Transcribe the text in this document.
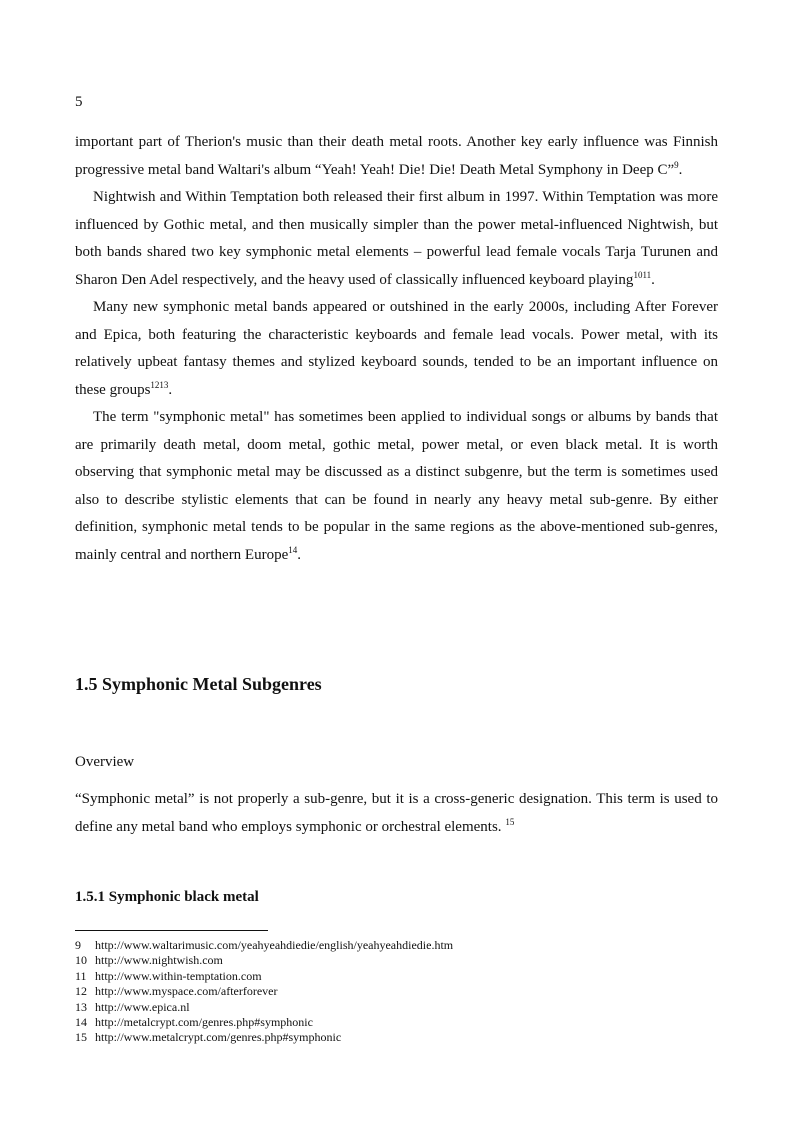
5

important part of Therion's music than their death metal roots. Another key early influence was Finnish progressive metal band Waltari's album “Yeah! Yeah! Die! Die! Death Metal Symphony in Deep C”$^9$.

Nightwish and Within Temptation both released their first album in 1997. Within Temptation was more influenced by Gothic metal, and then musically simpler than the power metal-influenced Nightwish, but both bands shared two key symphonic metal elements – powerful lead female vocals Tarja Turunen and Sharon Den Adel respectively, and the heavy used of classically influenced keyboard playing$^{1011}$.

Many new symphonic metal bands appeared or outshined in the early 2000s, including After Forever and Epica, both featuring the characteristic keyboards and female lead vocals. Power metal, with its relatively upbeat fantasy themes and stylized keyboard sounds, tended to be an important influence on these groups$^{1213}$.

The term "symphonic metal" has sometimes been applied to individual songs or albums by bands that are primarily death metal, doom metal, gothic metal, power metal, or even black metal. It is worth observing that symphonic metal may be discussed as a distinct subgenre, but the term is sometimes used also to describe stylistic elements that can be found in nearly any heavy metal sub-genre. By either definition, symphonic metal tends to be popular in the same regions as the above-mentioned sub-genres, mainly central and northern Europe$^{14}$.

1.5 Symphonic Metal Subgenres
Overview

“Symphonic metal” is not properly a sub-genre, but it is a cross-generic designation. This term is used to define any metal band who employs symphonic or orchestral elements. $^{15}$

1.5.1 Symphonic black metal
9 http://www.waltarimusic.com/yeahyeahdiedie/english/yeahyeahdiedie.htm
10 http://www.nightwish.com
11 http://www.within-temptation.com
12 http://www.myspace.com/afterforever
13 http://www.epica.nl
14 http://metalcrypt.com/genres.php#symphonic
15 http://www.metalcrypt.com/genres.php#symphonic
